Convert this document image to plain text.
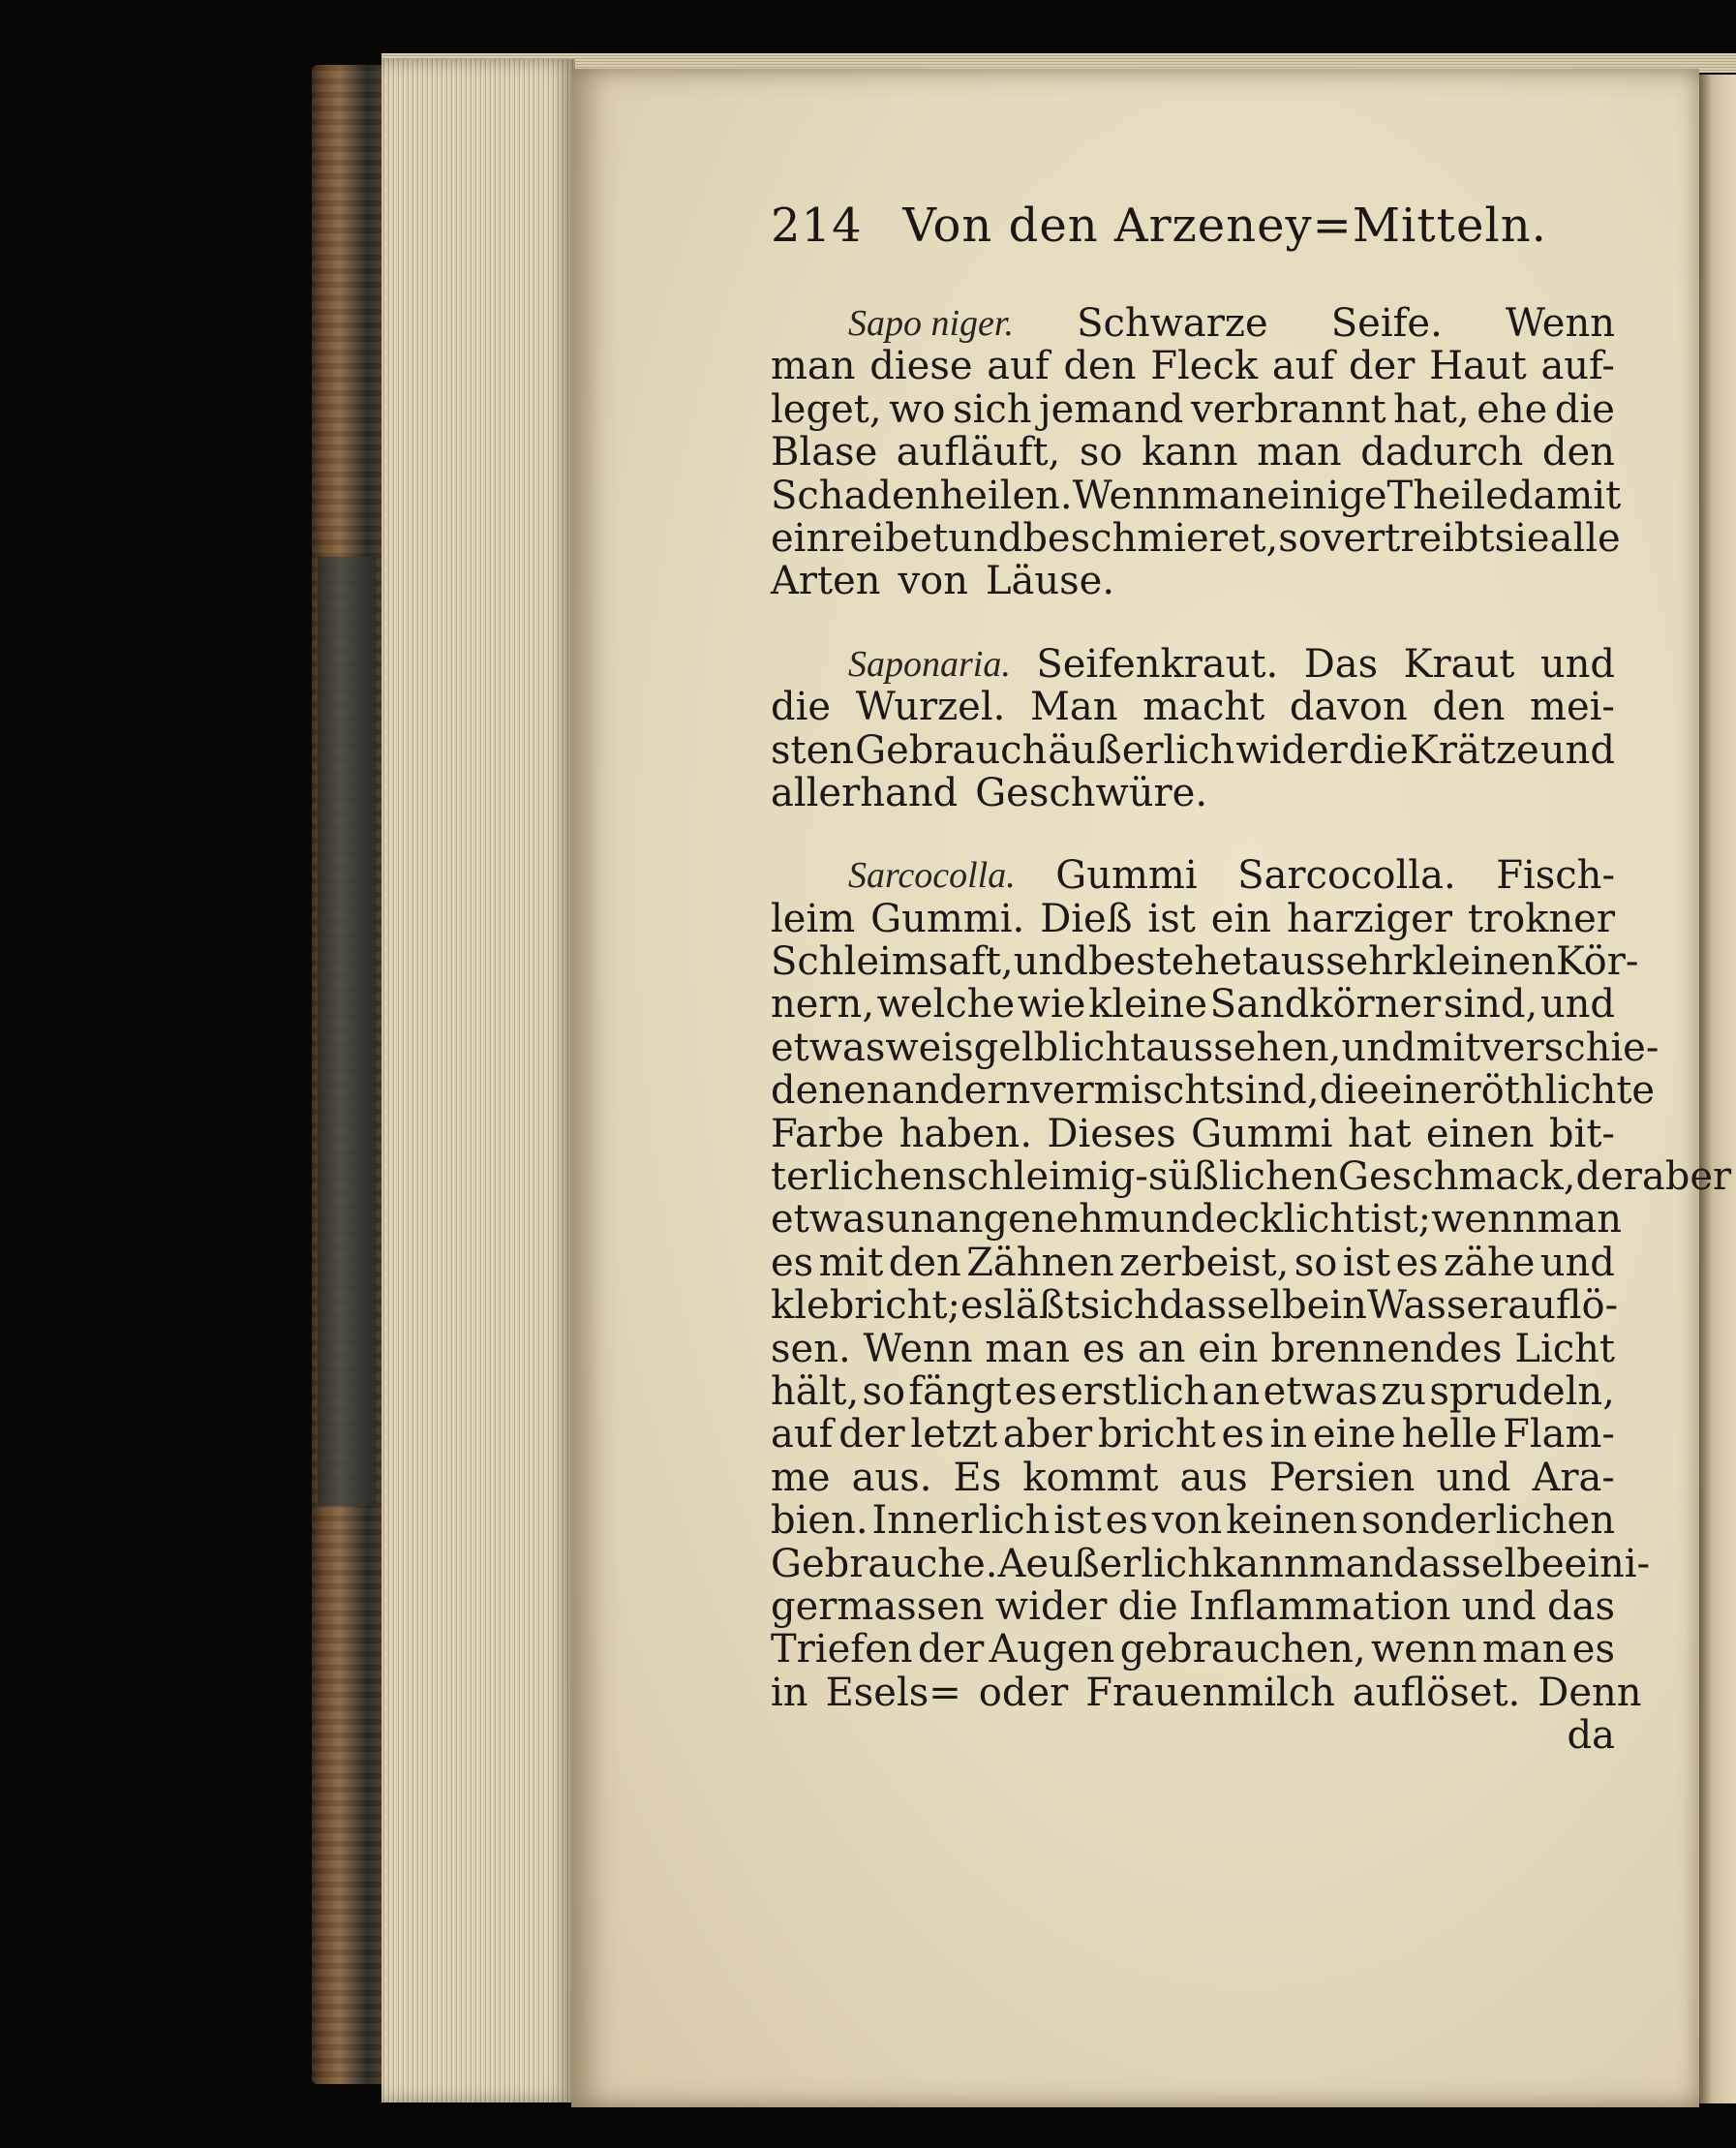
214 Von den Arzeney=Mitteln.
Sapo niger. Schwarze Seife. Wenn
man diese auf den Fleck auf der Haut auf-
leget, wo sich jemand verbrannt hat, ehe die
Blase aufläuft, so kann man dadurch den
Schaden heilen. Wenn man einige Theile damit
einreibet und beschmieret, so vertreibt sie alle
Arten von Läuse.
Saponaria. Seifenkraut. Das Kraut und
die Wurzel. Man macht davon den mei-
sten Gebrauch äußerlich wider die Krätze und
allerhand Geschwüre.
Sarcocolla. Gummi Sarcocolla. Fisch-
leim Gummi. Dieß ist ein harziger trokner
Schleimsaft, und bestehet aus sehr kleinen Kör-
nern, welche wie kleine Sandkörner sind, und
etwas weisgelblicht aussehen, und mit verschie-
denen andern vermischt sind, die eine röthlichte
Farbe haben. Dieses Gummi hat einen bit-
terlichen schleimig-süßlichen Geschmack, der aber
etwas unangenehm und ecklicht ist; wenn man
es mit den Zähnen zerbeist, so ist es zähe und
klebricht; es läßt sich dasselbe in Wasser auflö-
sen. Wenn man es an ein brennendes Licht
hält, so fängt es erstlich an etwas zu sprudeln,
auf der letzt aber bricht es in eine helle Flam-
me aus. Es kommt aus Persien und Ara-
bien. Innerlich ist es von keinen sonderlichen
Gebrauche. Aeußerlich kann man dasselbe eini-
germassen wider die Inflammation und das
Triefen der Augen gebrauchen, wenn man es
in Esels= oder Frauenmilch auflöset. Denn
da
